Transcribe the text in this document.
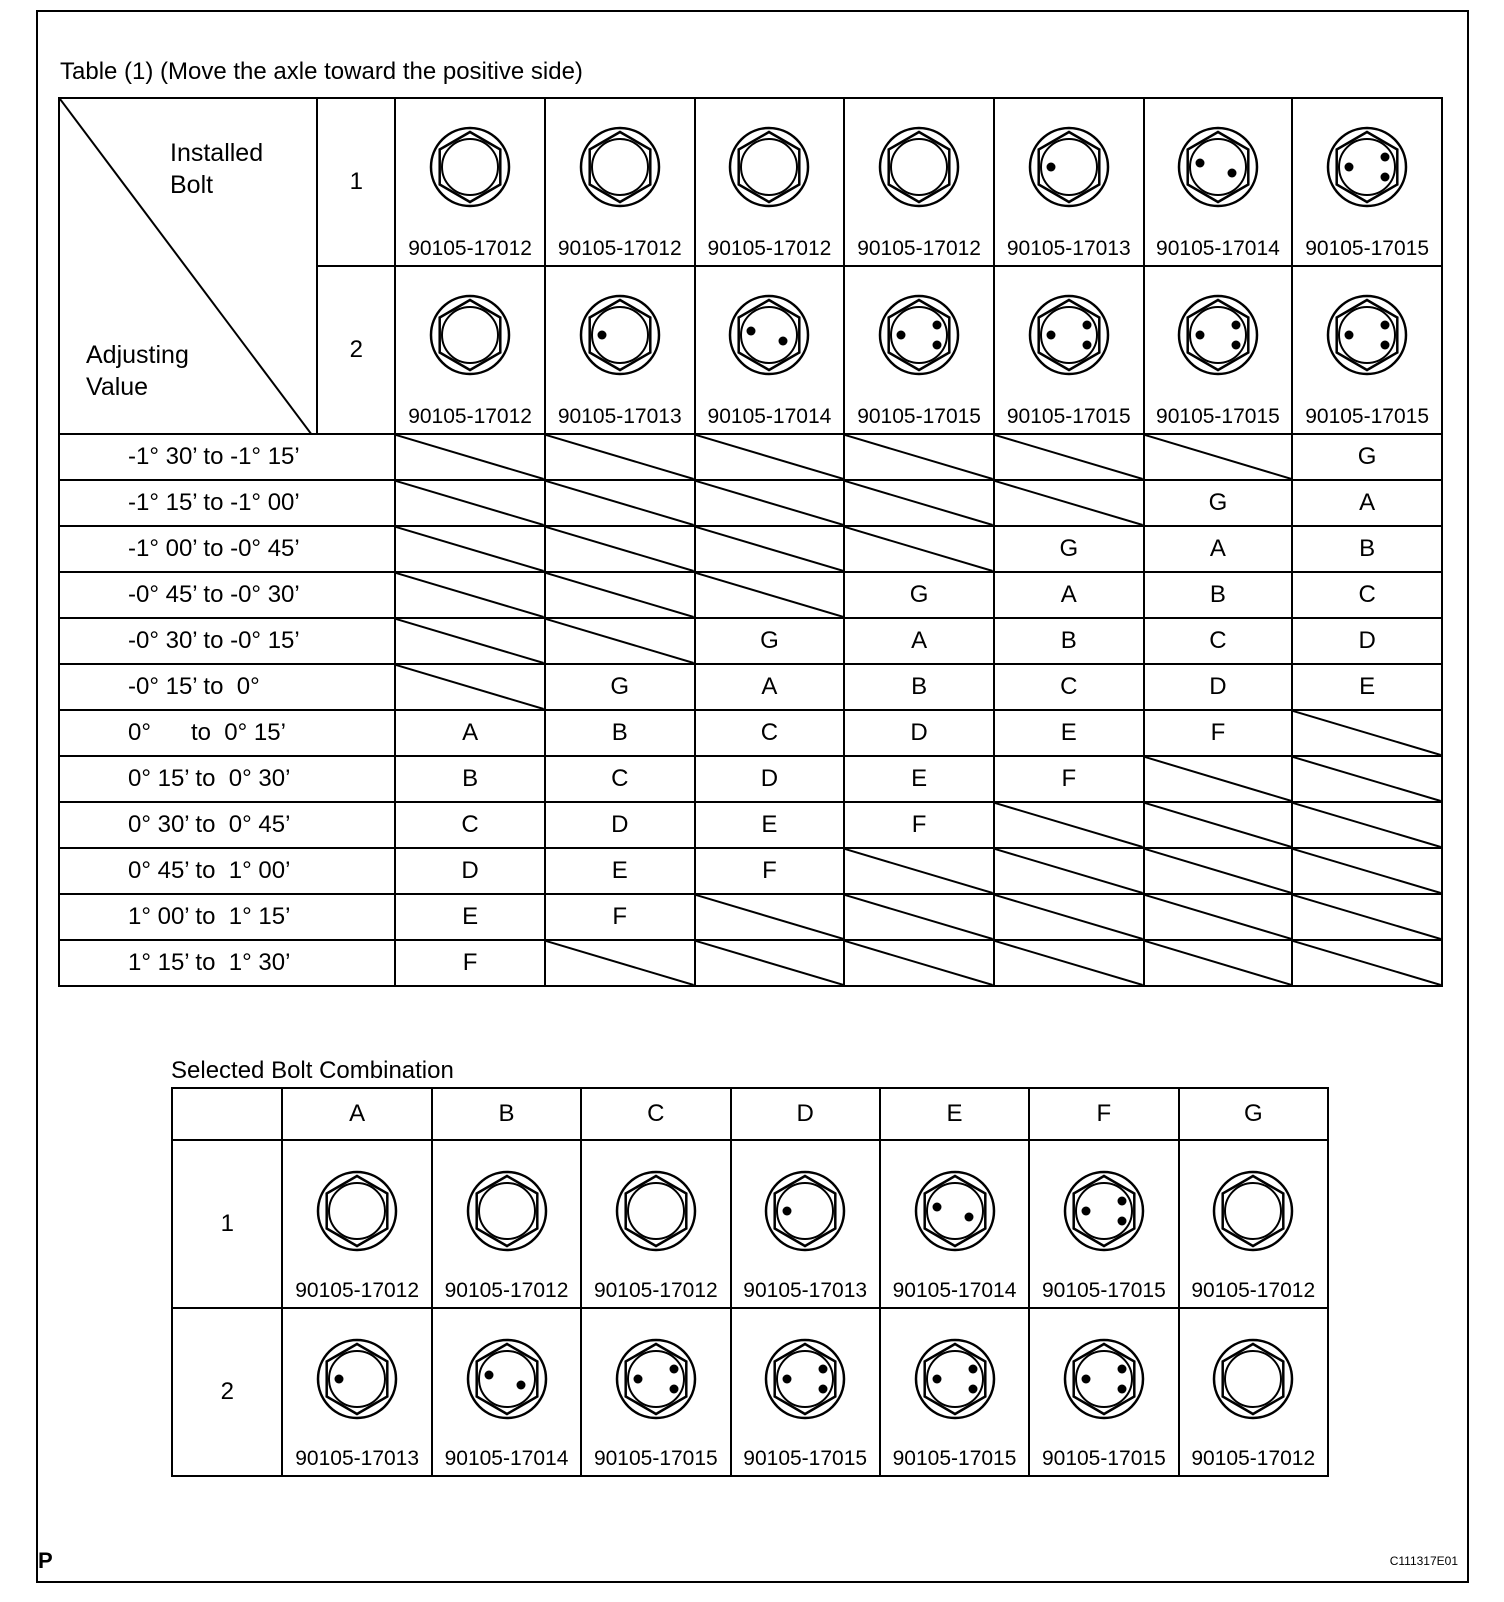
Table (1) (Move the axle toward the positive side)
Installed
Bolt
Adjusting
Value	1	90105-17012	90105-17012	90105-17012	90105-17012	90105-17013	90105-17014	90105-17015

	2	90105-17012	90105-17013	90105-17014	90105-17015	90105-17015	90105-17015	90105-17015

-1° 30’ to -1° 15’								G
-1° 15’ to -1° 00’							G	A
-1° 00’ to -0° 45’						G	A	B
-0° 45’ to -0° 30’					G	A	B	C
-0° 30’ to -0° 15’				G	A	B	C	D
-0° 15’ to  0°			G	A	B	C	D	E
0°      to  0° 15’		A	B	C	D	E	F	

0° 15’ to  0° 30’		B	C	D	E	F	

0° 30’ to  0° 45’		C	D	E	F	

0° 45’ to  1° 00’		D	E	F	

1° 00’ to  1° 15’		E	F	

1° 15’ to  1° 30’		F	

Selected Bolt Combination
	A	B	C	D	E	F	G
1	90105-17012	90105-17012	90105-17012	90105-17013	90105-17014	90105-17015	90105-17012

2	90105-17013	90105-17014	90105-17015	90105-17015	90105-17015	90105-17015	90105-17012
P	C111317E01
